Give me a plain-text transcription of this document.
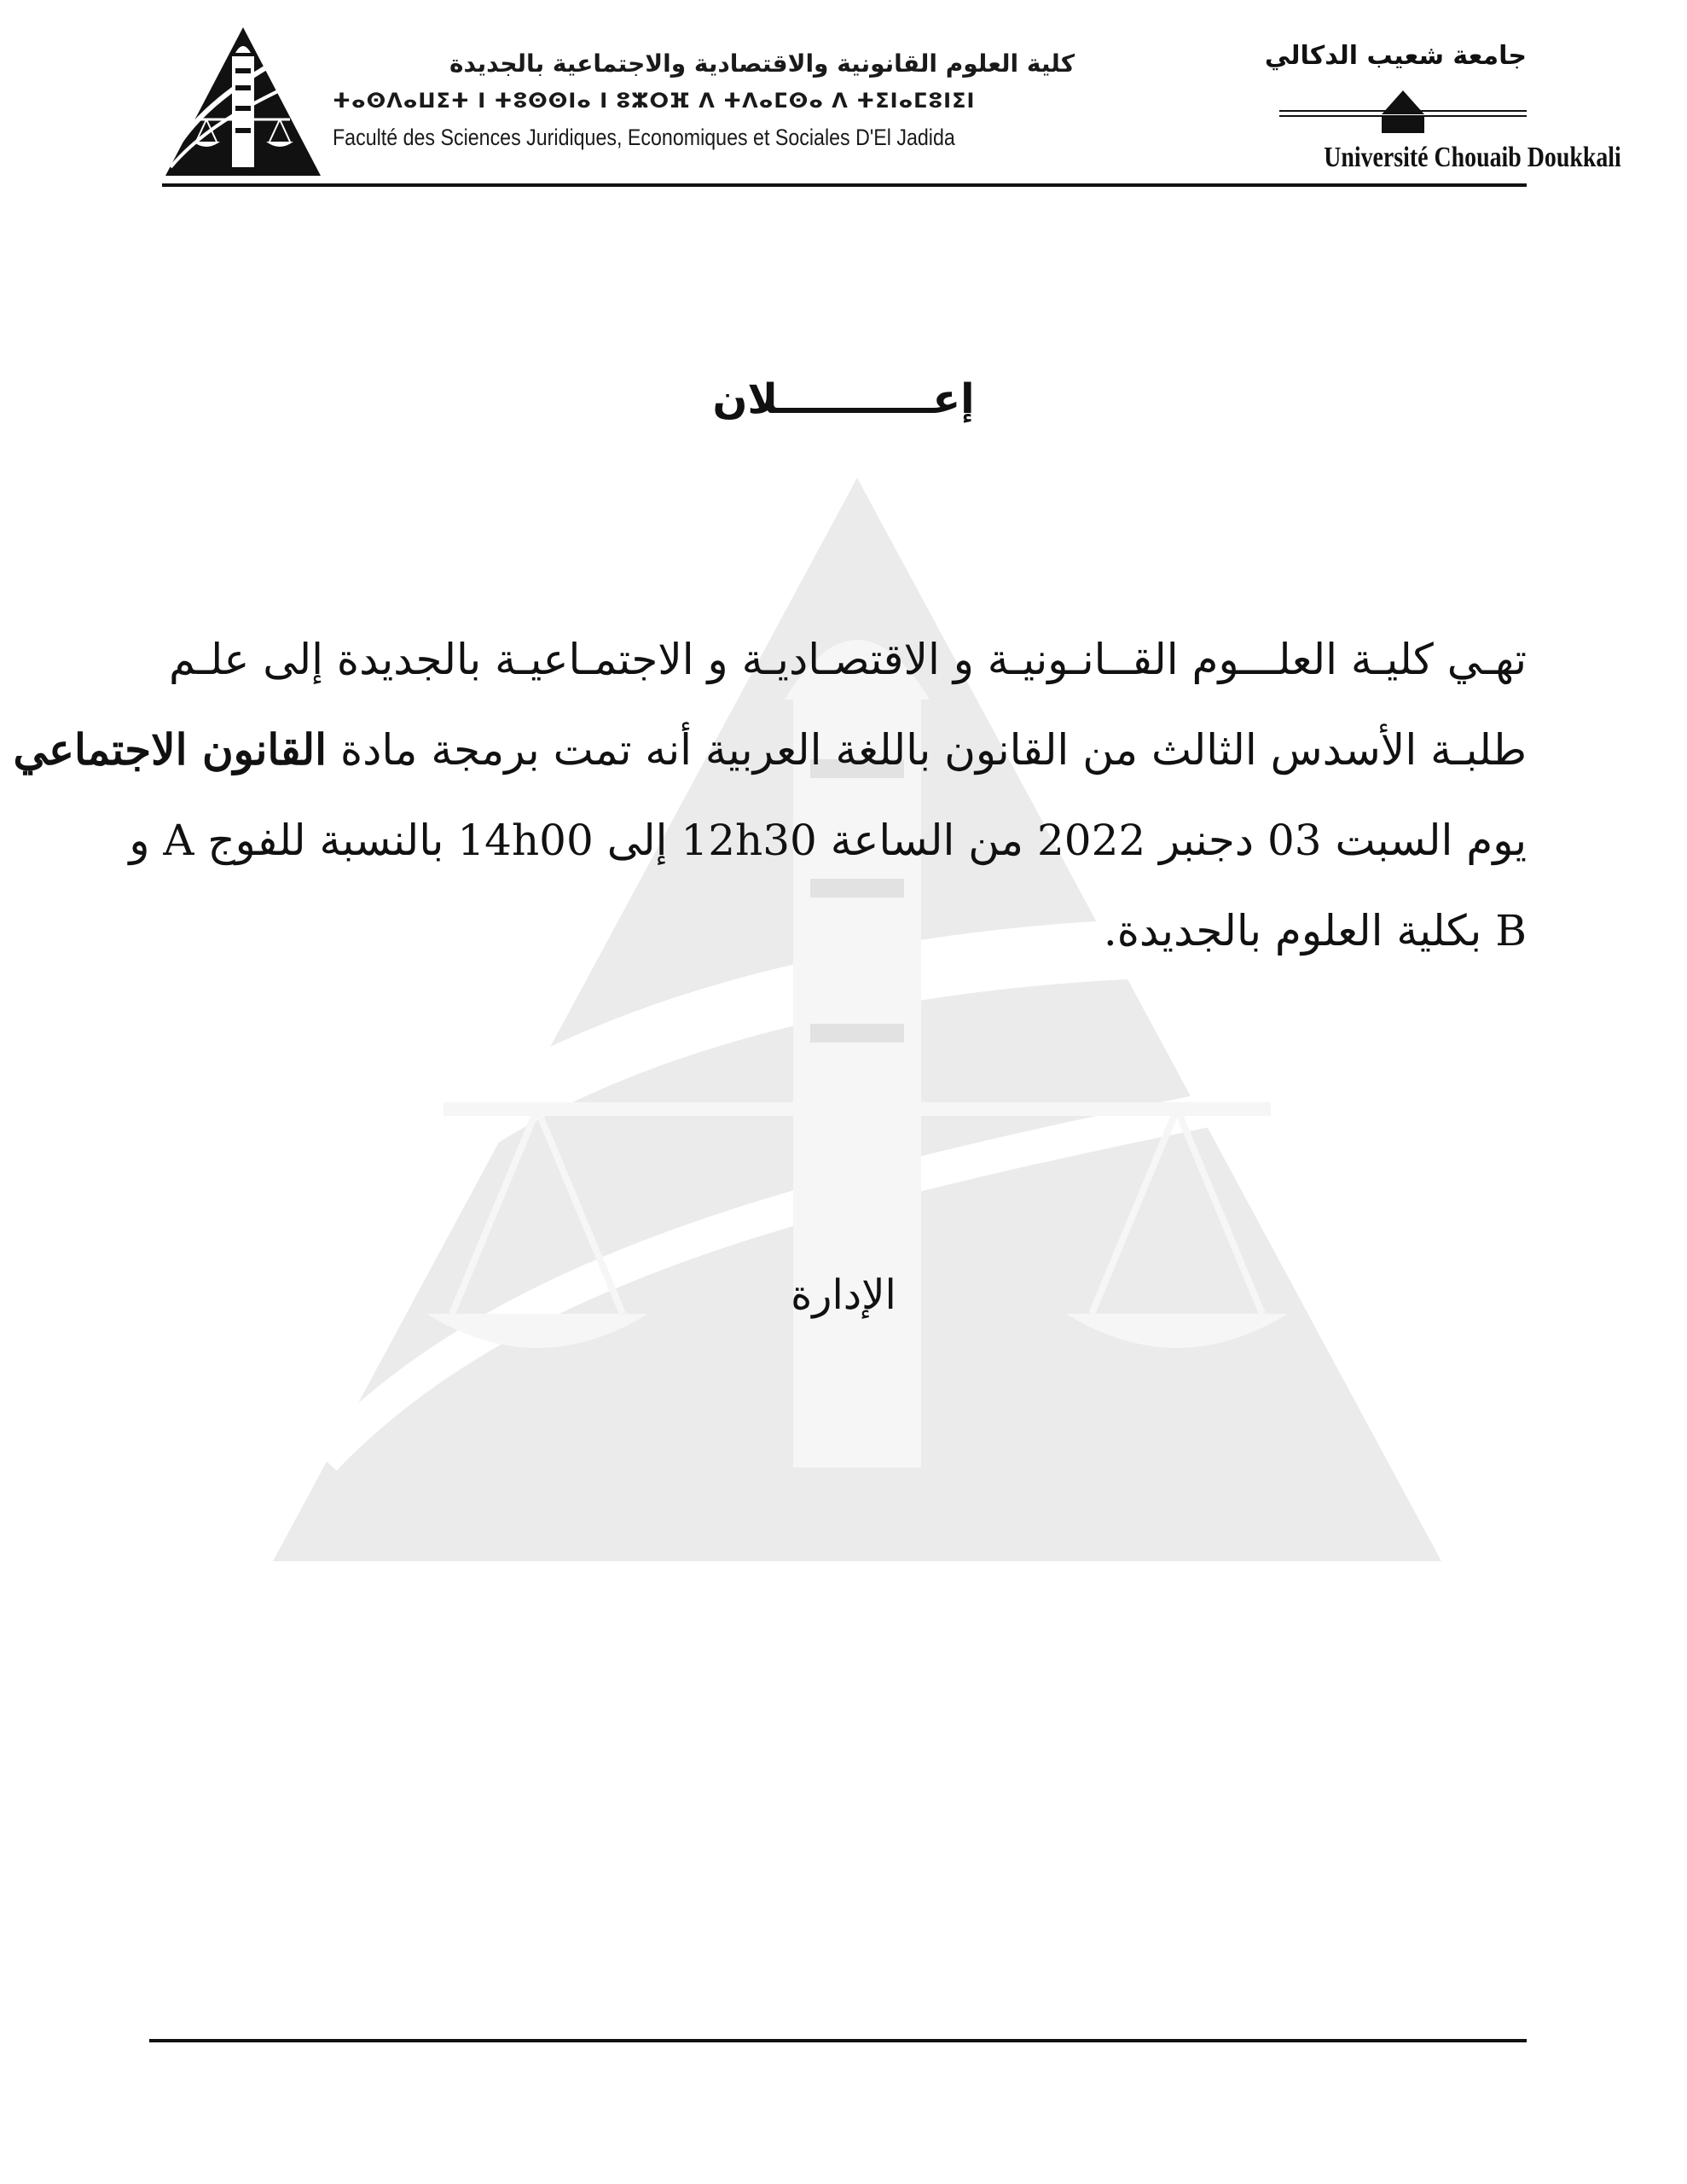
كلية العلوم القانونية والاقتصادية والاجتماعية بالجديدة
ⵜⴰⵙⴷⴰⵡⵉⵜ ⵏ ⵜⵓⵙⵙⵏⴰ ⵏ ⵓⵣⵔⴼ ⴷ ⵜⴷⴰⵎⵙⴰ ⴷ ⵜⵉⵏⴰⵎⵓⵏⵉⵏ
Faculté des Sciences Juridiques, Economiques et Sociales D'El Jadida
جامعة شعيب الدكالي
Université Chouaib Doukkali
إعـــــــــــلان
تهـي كليـة العلـــوم القــانـونيـة و الاقتصـاديـة و الاجتمـاعيـة بالجديدة إلى علـم
طلبـة الأسدس الثالث من القانون باللغة العربية أنه تمت برمجة مادة القانون الاجتماعي
يوم السبت 03 دجنبر 2022 من الساعة 12h30 إلى 14h00 بالنسبة للفوج A و
B بكلية العلوم بالجديدة.
الإدارة
